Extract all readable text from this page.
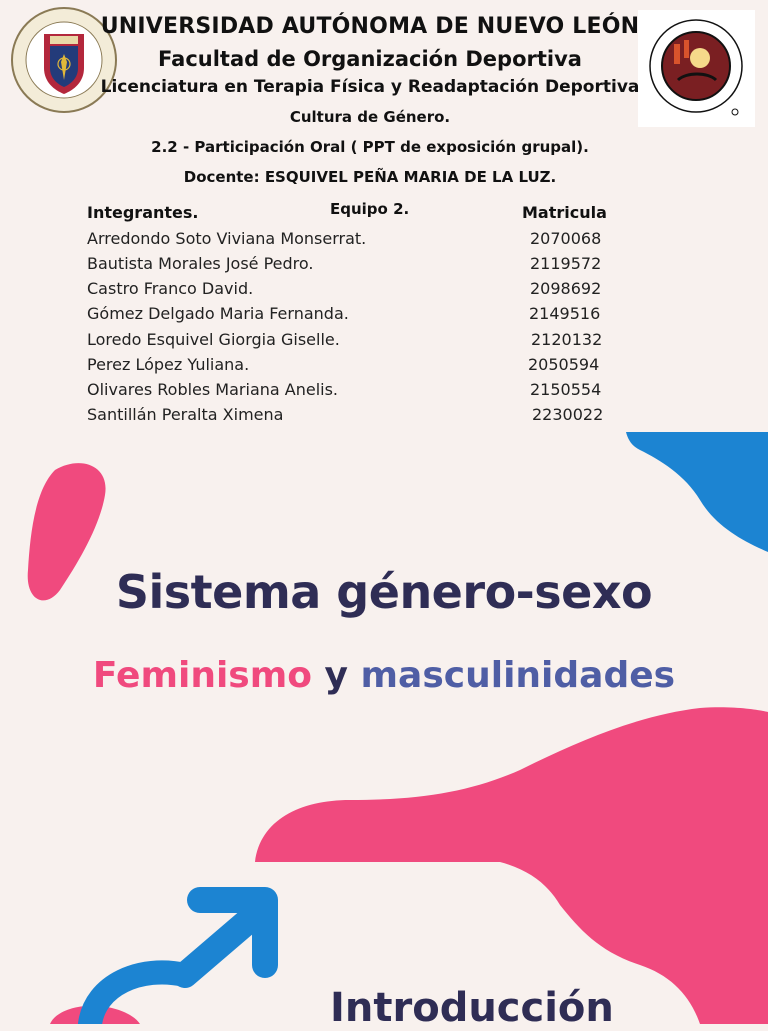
UNIVERSIDAD AUTÓNOMA DE NUEVO LEÓN
Facultad de Organización Deportiva
Licenciatura en Terapia Física y Readaptación Deportiva
Cultura de Género.
2.2 - Participación Oral ( PPT de exposición grupal).
Docente: ESQUIVEL PEÑA MARIA DE LA LUZ.
Integrantes.	Equipo 2.	Matricula
Arredondo Soto Viviana Monserrat.	2070068
Bautista Morales José Pedro.	2119572
Castro Franco David.	2098692
Gómez Delgado Maria Fernanda.	2149516
Loredo Esquivel Giorgia Giselle.	2120132
Perez López Yuliana.	2050594
Olivares Robles Mariana Anelis.	2150554
Santillán Peralta Ximena	2230022
Sistema género-sexo
Feminismo y masculinidades
Introducción
